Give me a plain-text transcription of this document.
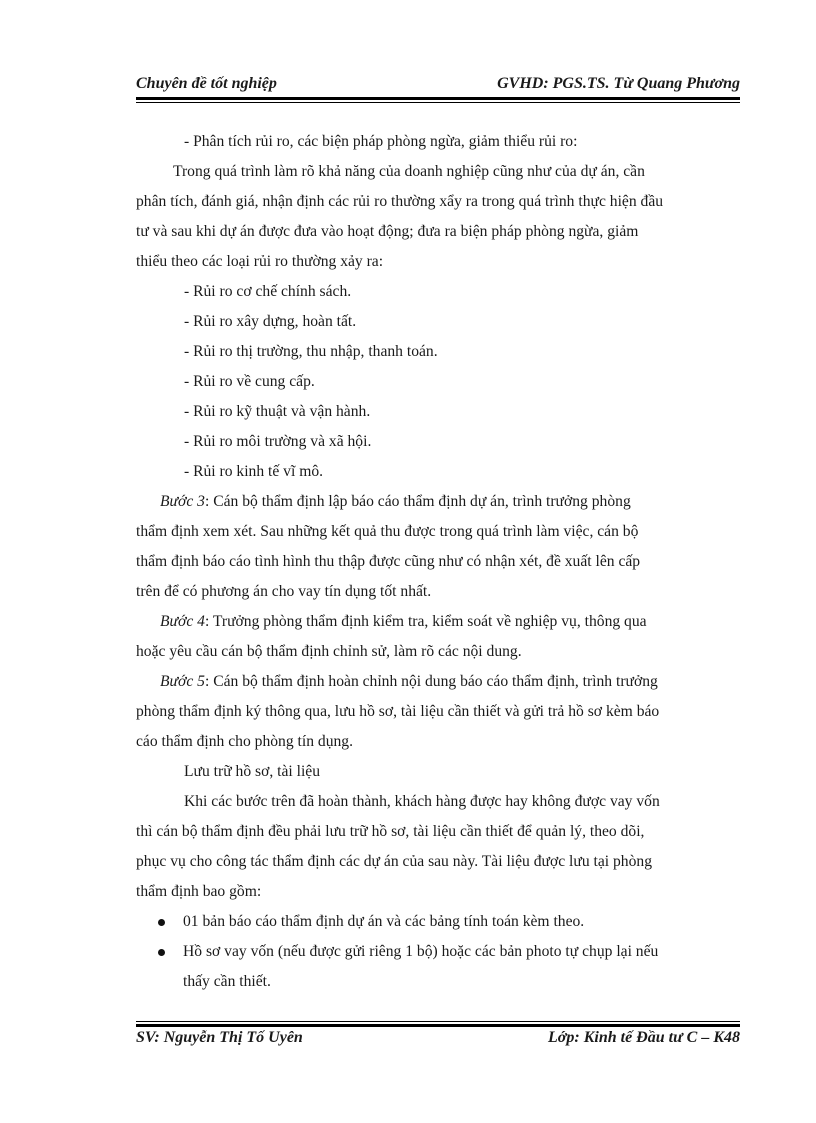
Chuyên đề tốt nghiệp	GVHD: PGS.TS. Từ Quang Phương
- Phân tích rủi ro, các biện pháp phòng ngừa, giảm thiểu rủi ro:
Trong quá trình làm rõ khả năng của doanh nghiệp cũng như của dự án, cần
phân tích, đánh giá, nhận định các rủi ro thường xẩy ra trong quá trình thực hiện đầu
tư và sau khi dự án được đưa vào hoạt động; đưa ra biện pháp phòng ngừa, giảm
thiểu theo các loại rủi ro thường xảy ra:
- Rủi ro cơ chế chính sách.
- Rủi ro xây dựng, hoàn tất.
- Rủi ro thị trường, thu nhập, thanh toán.
- Rủi ro về cung cấp.
- Rủi ro kỹ thuật và vận hành.
- Rủi ro môi trường và xã hội.
- Rủi ro kinh tế vĩ mô.
Bước 3: Cán bộ thẩm định lập báo cáo thẩm định dự án, trình trưởng phòng
thẩm định xem xét. Sau những kết quả thu được trong quá trình làm việc, cán bộ
thẩm định báo cáo tình hình thu thập được cũng như có nhận xét, đề xuất lên cấp
trên để có phương án cho vay tín dụng tốt nhất.
Bước 4: Trưởng phòng thẩm định kiểm tra, kiểm soát về nghiệp vụ, thông qua
hoặc yêu cầu cán bộ thẩm định chỉnh sử, làm rõ các nội dung.
Bước 5: Cán bộ thẩm định hoàn chỉnh nội dung báo cáo thẩm định, trình trưởng
phòng thẩm định ký thông qua, lưu hồ sơ, tài liệu cần thiết và gửi trả hồ sơ kèm báo
cáo thẩm định cho phòng tín dụng.
Lưu trữ hồ sơ, tài liệu
Khi các bước trên đã hoàn thành, khách hàng được hay không được vay vốn
thì cán bộ thẩm định đều phải lưu trữ hồ sơ, tài liệu cần thiết để quản lý, theo dõi,
phục vụ cho công tác thẩm định các dự án của sau này. Tài liệu được lưu tại phòng
thẩm định bao gồm:
01 bản báo cáo thẩm định dự án và các bảng tính toán kèm theo.
Hồ sơ vay vốn (nếu được gửi riêng 1 bộ) hoặc các bản photo tự chụp lại nếu
thấy cần thiết.
SV: Nguyễn Thị Tố Uyên	Lớp: Kinh tế Đầu tư C – K48
